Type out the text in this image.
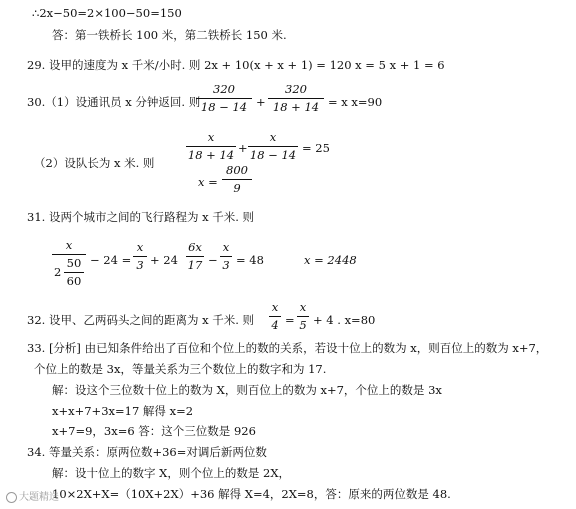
∴2x−50=2×100−50=150
答：第一铁桥长 100 米，第二铁桥长 150 米.
29. 设甲的速度为 x 千米/小时. 则 2x + 10(x + x + 1) = 120 x = 5 x + 1 = 6
30.（1）设通讯员 x 分钟返回. 则
320
18 − 14 +
320
18 + 14 = x x=90
x
18 + 14 +
x
18 − 14 = 25
（2）设队长为 x 米. 则
x =
800
9
31. 设两个城市之间的飞行路程为 x 千米. 则
x
2
50
60
− 24 =
x
3 + 24
6x
17 −
x
3 = 48	x = 2448
32. 设甲、乙两码头之间的距离为 x 千米. 则
x
4 =
x
5 + 4 . x=80
33. [分析] 由已知条件给出了百位和个位上的数的关系，若设十位上的数为 x，则百位上的数为 x+7，
个位上的数是 3x，等量关系为三个数位上的数字和为 17.
解：设这个三位数十位上的数为 X，则百位上的数为 x+7，个位上的数是 3x
x+x+7+3x=17 解得 x=2
x+7=9，3x=6 答：这个三位数是 926
34. 等量关系：原两位数+36=对调后新两位数
解：设十位上的数字 X，则个位上的数是 2X，
10×2X+X=（10X+2X）+36 解得 X=4，2X=8，答：原来的两位数是 48.
大题精选
